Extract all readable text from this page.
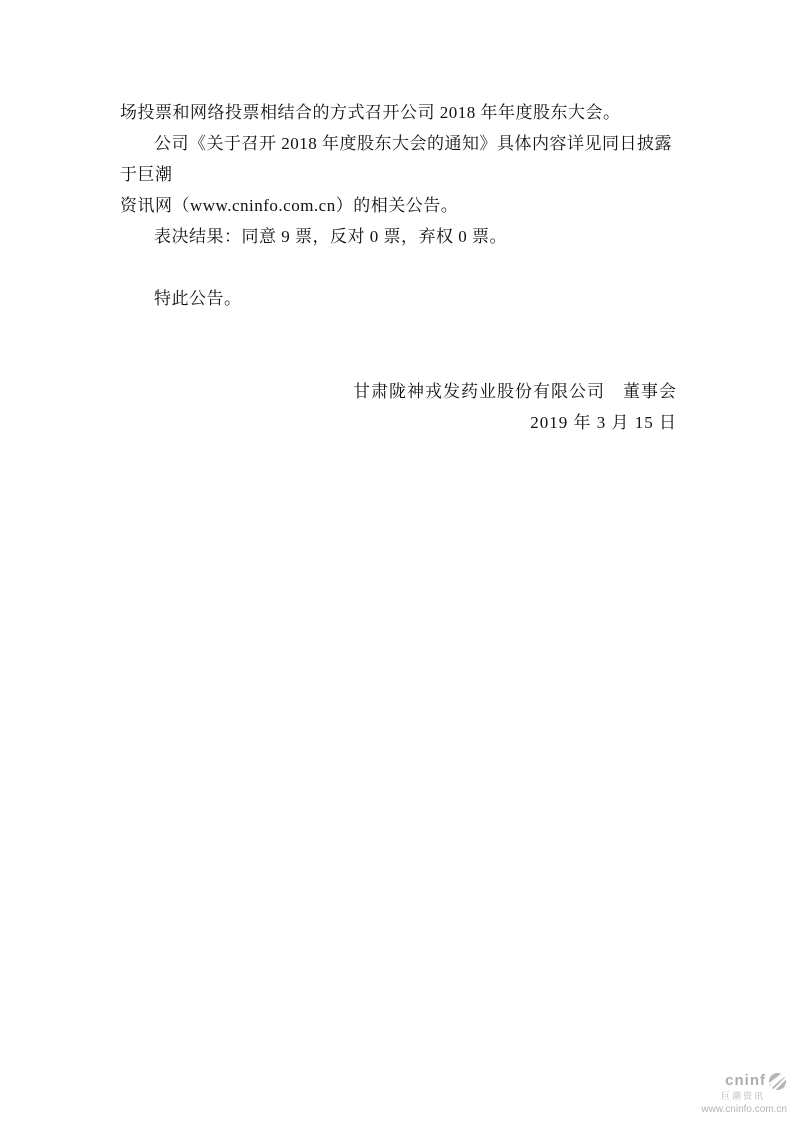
场投票和网络投票相结合的方式召开公司 2018 年年度股东大会。

公司《关于召开 2018 年度股东大会的通知》具体内容详见同日披露于巨潮

资讯网（www.cninfo.com.cn）的相关公告。

表决结果：同意 9 票，反对 0 票，弃权 0 票。

特此公告。

甘肃陇神戎发药业股份有限公司　董事会

2019 年 3 月 15 日

cninf
巨潮资讯
www.cninfo.com.cn
